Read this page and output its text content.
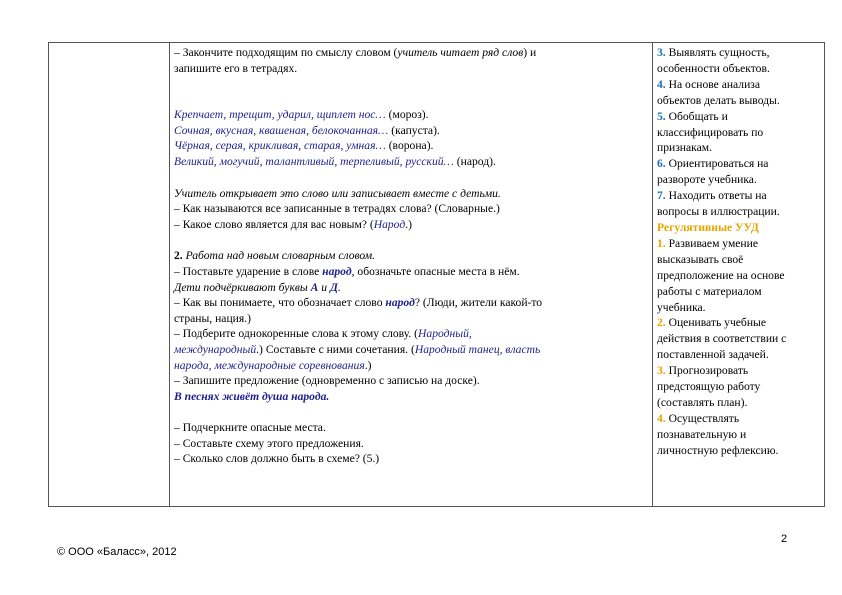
– Закончите подходящим по смыслу словом (учитель читает ряд слов) и

запишите его в тетрадях.

Крепчает, трещит, ударил, щиплет нос… (мороз).

Сочная, вкусная, квашеная, белокочанная… (капуста).

Чёрная, серая, крикливая, старая, умная… (ворона).

Великий, могучий, талантливый, терпеливый, русский… (народ).

Учитель открывает это слово или записывает вместе с детьми.

– Как называются все записанные в тетрадях слова? (Словарные.)

– Какое слово является для вас новым? (Народ.)

2. Работа над новым словарным словом.

– Поставьте ударение в слове народ, обозначьте опасные места в нём.

Дети подчёркивают буквы А и Д.

– Как вы понимаете, что обозначает слово народ? (Люди, жители какой-то

страны, нация.)

– Подберите однокоренные слова к этому слову. (Народный,

международный.) Составьте с ними сочетания. (Народный танец, власть

народа, международные соревнования.)

– Запишите предложение (одновременно с записью на доске).

В песнях живёт душа народа.

– Подчеркните опасные места.

– Составьте схему этого предложения.

– Сколько слов должно быть в схеме? (5.)

3. Выявлять сущность,

особенности объектов.

4. На основе анализа

объектов делать выводы.

5. Обобщать и

классифицировать по

признакам.

6. Ориентироваться на

развороте учебника.

7. Находить ответы на

вопросы в иллюстрации.

Регулятивные УУД

1. Развиваем умение

высказывать своё

предположение на основе

работы с материалом

учебника.

2. Оценивать учебные

действия в соответствии с

поставленной задачей.

3. Прогнозировать

предстоящую работу

(составлять план).

4. Осуществлять

познавательную и

личностную рефлексию.

2
© ООО «Баласс», 2012
